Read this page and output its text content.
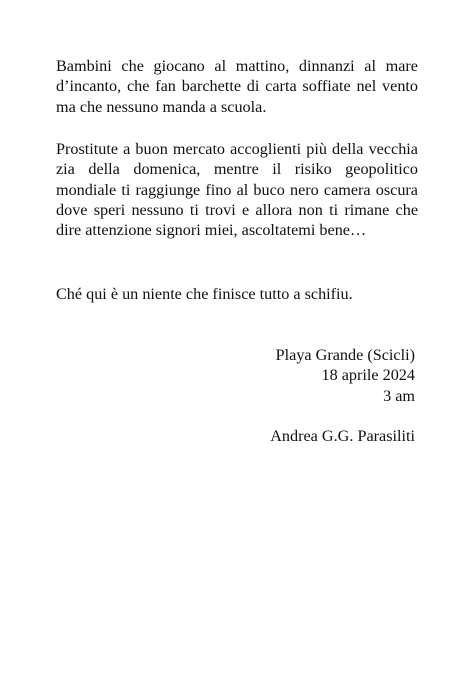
Bambini che giocano al mattino, dinnanzi al mare d’incanto, che fan barchette di carta soffiate nel vento ma che nessuno manda a scuola.

Prostitute a buon mercato accoglienti più della vecchia zia della domenica, mentre il risiko geopolitico mondiale ti raggiunge fino al buco nero camera oscura dove speri nessuno ti trovi e allora non ti rimane che dire attenzione signori miei, ascoltatemi bene…

Ché qui è un niente che finisce tutto a schifiu.

Playa Grande (Scicli)
18 aprile 2024
3 am
Andrea G.G. Parasiliti
